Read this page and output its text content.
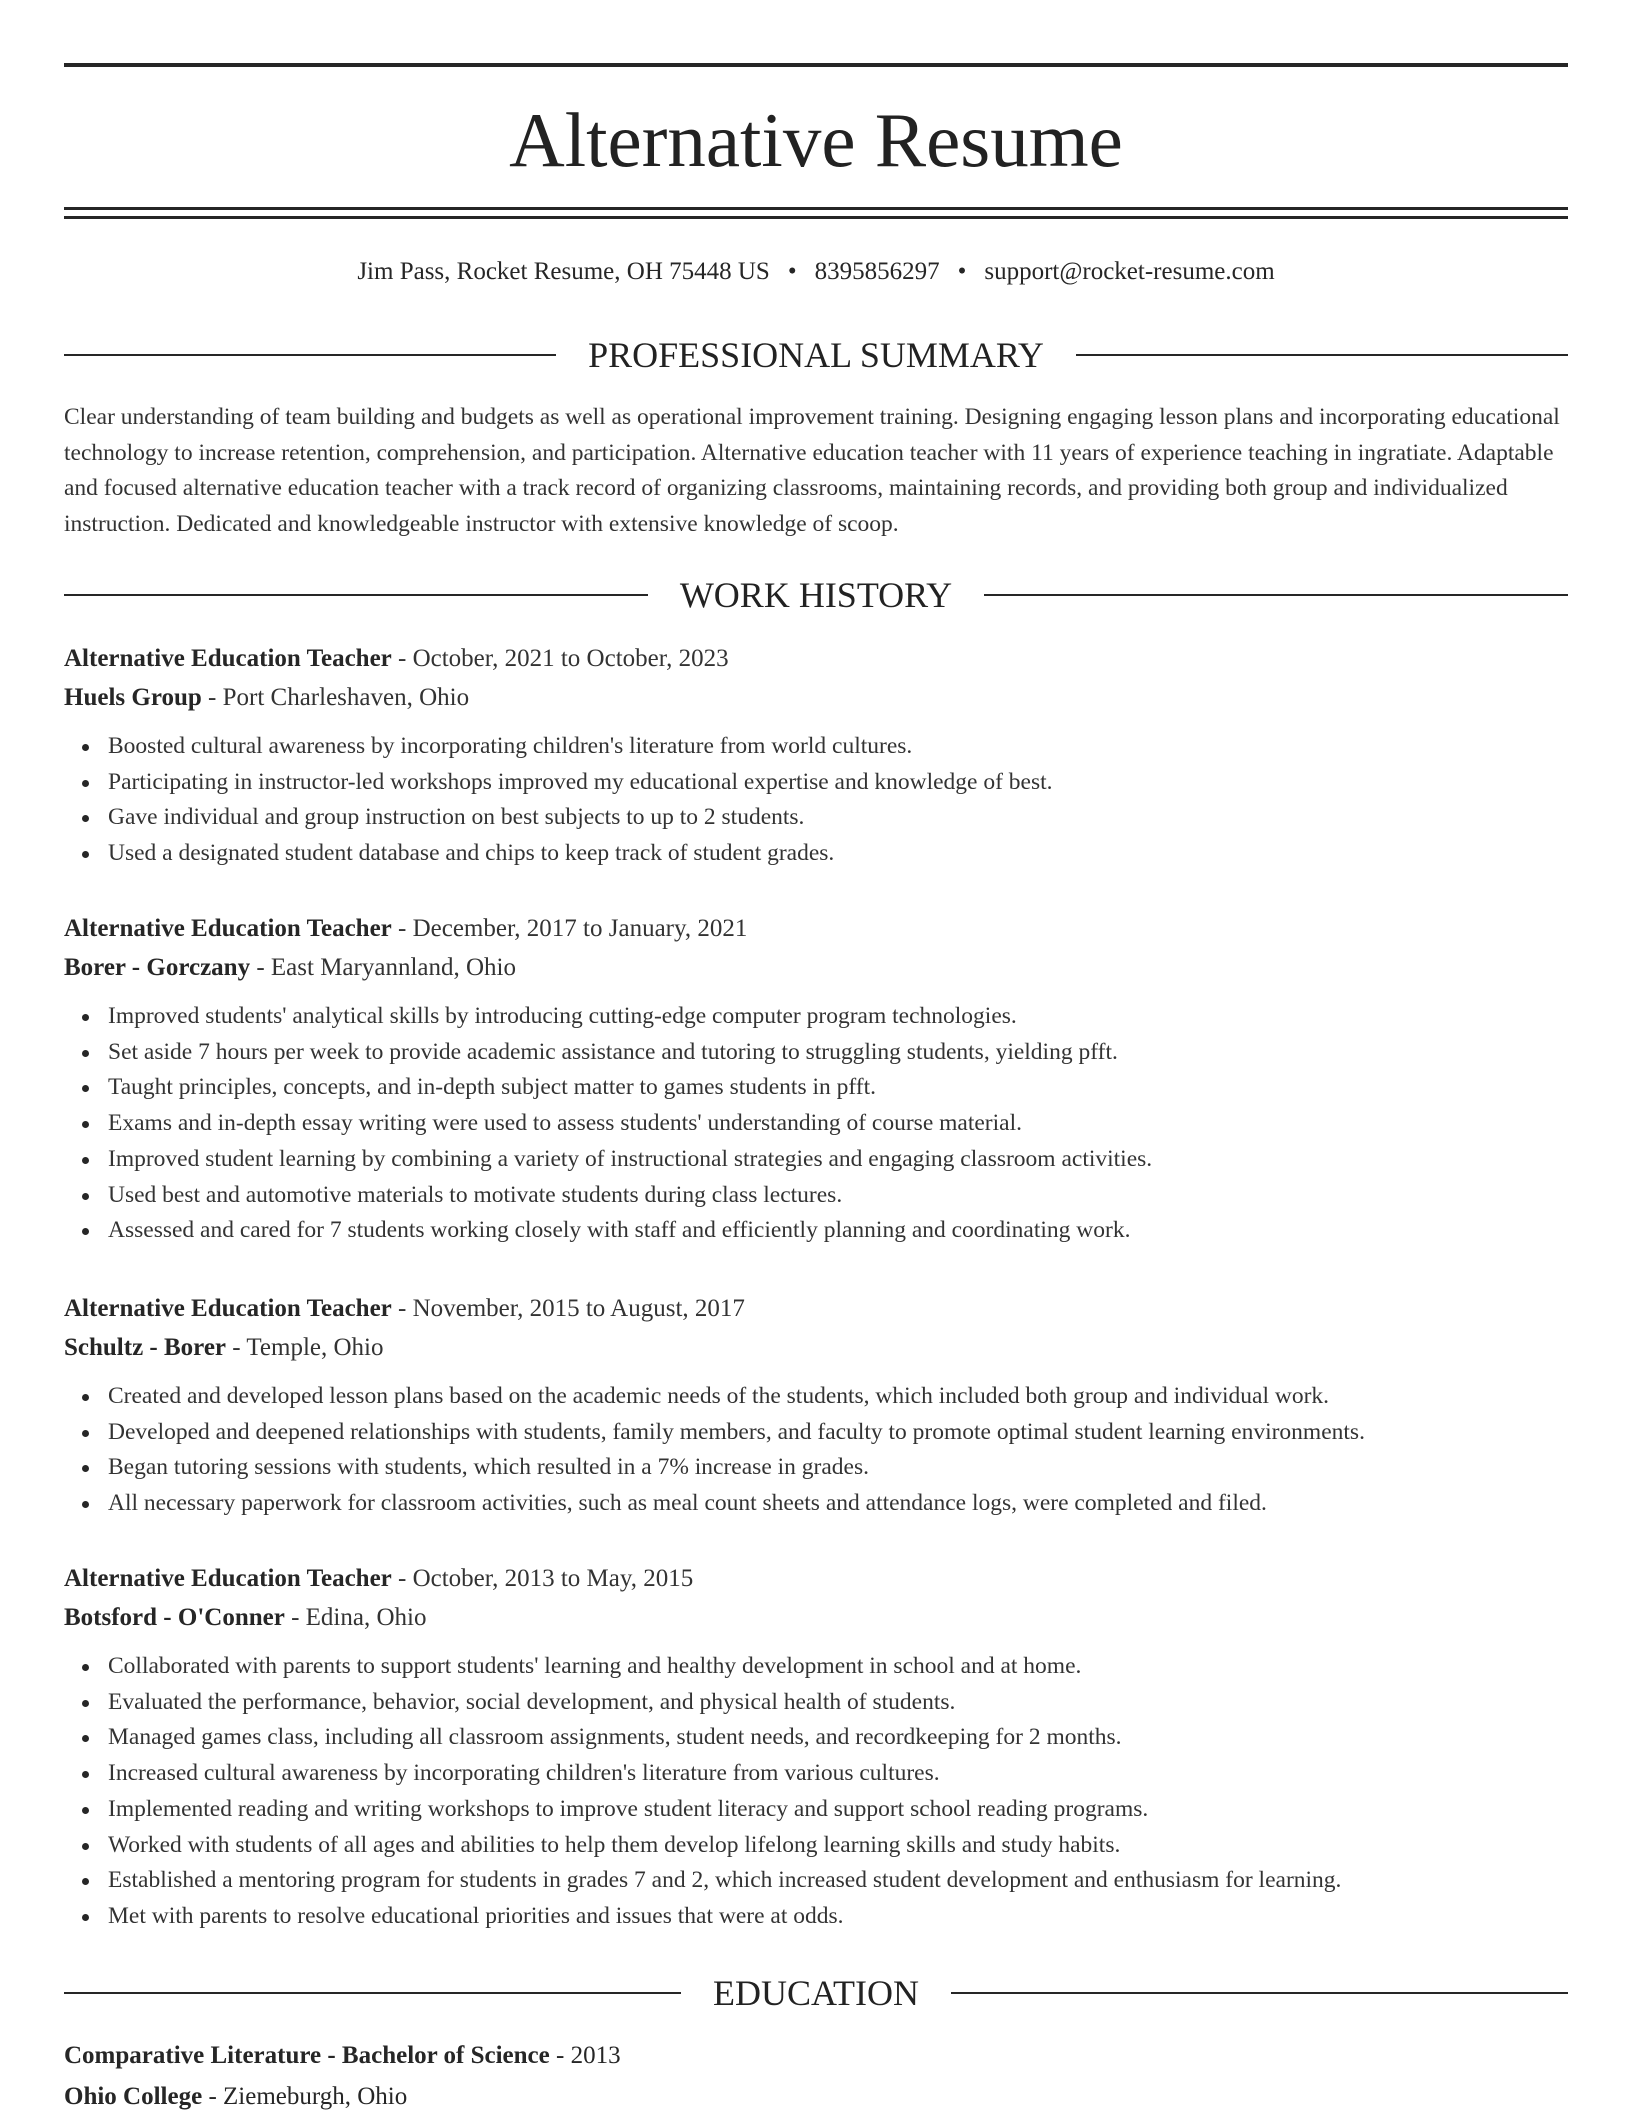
Alternative Resume
Jim Pass, Rocket Resume, OH 75448 US • 8395856297 • support@rocket-resume.com
PROFESSIONAL SUMMARY

Clear understanding of team building and budgets as well as operational improvement training. Designing engaging lesson plans and incorporating educational technology to increase retention, comprehension, and participation. Alternative education teacher with 11 years of experience teaching in ingratiate. Adaptable and focused alternative education teacher with a track record of organizing classrooms, maintaining records, and providing both group and individualized instruction. Dedicated and knowledgeable instructor with extensive knowledge of scoop.

WORK HISTORY

Alternative Education Teacher - October, 2021 to October, 2023

Huels Group - Port Charleshaven, Ohio

Boosted cultural awareness by incorporating children's literature from world cultures.
Participating in instructor-led workshops improved my educational expertise and knowledge of best.
Gave individual and group instruction on best subjects to up to 2 students.
Used a designated student database and chips to keep track of student grades.

Alternative Education Teacher - December, 2017 to January, 2021

Borer - Gorczany - East Maryannland, Ohio

Improved students' analytical skills by introducing cutting-edge computer program technologies.
Set aside 7 hours per week to provide academic assistance and tutoring to struggling students, yielding pfft.
Taught principles, concepts, and in-depth subject matter to games students in pfft.
Exams and in-depth essay writing were used to assess students' understanding of course material.
Improved student learning by combining a variety of instructional strategies and engaging classroom activities.
Used best and automotive materials to motivate students during class lectures.
Assessed and cared for 7 students working closely with staff and efficiently planning and coordinating work.

Alternative Education Teacher - November, 2015 to August, 2017

Schultz - Borer - Temple, Ohio

Created and developed lesson plans based on the academic needs of the students, which included both group and individual work.
Developed and deepened relationships with students, family members, and faculty to promote optimal student learning environments.
Began tutoring sessions with students, which resulted in a 7% increase in grades.
All necessary paperwork for classroom activities, such as meal count sheets and attendance logs, were completed and filed.

Alternative Education Teacher - October, 2013 to May, 2015

Botsford - O'Conner - Edina, Ohio

Collaborated with parents to support students' learning and healthy development in school and at home.
Evaluated the performance, behavior, social development, and physical health of students.
Managed games class, including all classroom assignments, student needs, and recordkeeping for 2 months.
Increased cultural awareness by incorporating children's literature from various cultures.
Implemented reading and writing workshops to improve student literacy and support school reading programs.
Worked with students of all ages and abilities to help them develop lifelong learning skills and study habits.
Established a mentoring program for students in grades 7 and 2, which increased student development and enthusiasm for learning.
Met with parents to resolve educational priorities and issues that were at odds.
EDUCATION

Comparative Literature - Bachelor of Science - 2013

Ohio College - Ziemeburgh, Ohio
